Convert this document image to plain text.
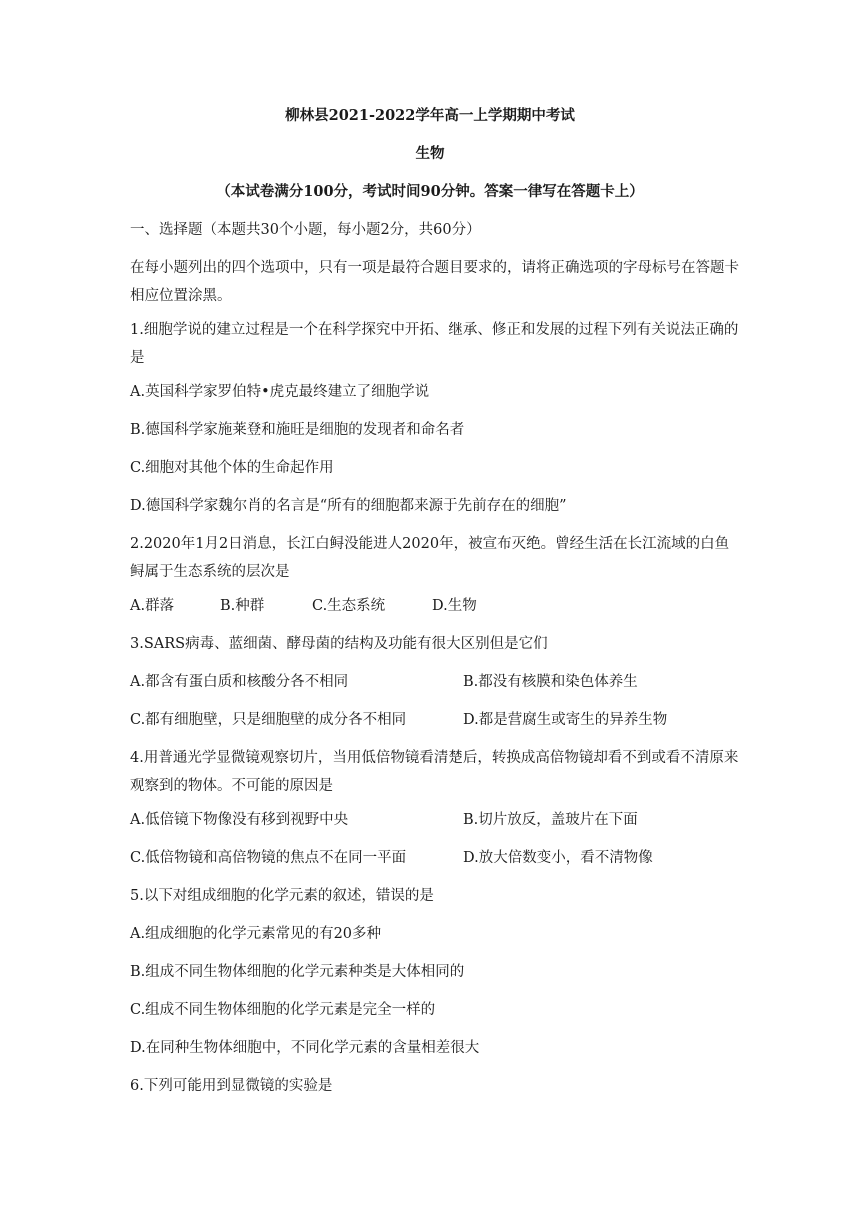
柳林县2021-2022学年高一上学期期中考试
生物
（本试卷满分100分，考试时间90分钟。答案一律写在答题卡上）
一、选择题（本题共30个小题，每小题2分，共60分）
在每小题列出的四个选项中，只有一项是最符合题目要求的，请将正确选项的字母标号在答题卡相应位置涂黑。
1.细胞学说的建立过程是一个在科学探究中开拓、继承、修正和发展的过程下列有关说法正确的是
A.英国科学家罗伯特•虎克最终建立了细胞学说
B.德国科学家施莱登和施旺是细胞的发现者和命名者
C.细胞对其他个体的生命起作用
D.德国科学家魏尔肖的名言是“所有的细胞都来源于先前存在的细胞”
2.2020年1月2日消息，长江白鲟没能进人2020年，被宣布灭绝。曾经生活在长江流域的白鱼鲟属于生态系统的层次是
A.群落	B.种群	C.生态系统	D.生物
3.SARS病毒、蓝细菌、酵母菌的结构及功能有很大区别但是它们
A.都含有蛋白质和核酸分各不相同	B.都没有核膜和染色体养生
C.都有细胞壁，只是细胞壁的成分各不相同	D.都是营腐生或寄生的异养生物
4.用普通光学显微镜观察切片，当用低倍物镜看清楚后，转换成高倍物镜却看不到或看不清原来观察到的物体。不可能的原因是
A.低倍镜下物像没有移到视野中央	B.切片放反，盖玻片在下面
C.低倍物镜和高倍物镜的焦点不在同一平面	D.放大倍数变小，看不清物像
5.以下对组成细胞的化学元素的叙述，错误的是
A.组成细胞的化学元素常见的有20多种
B.组成不同生物体细胞的化学元素种类是大体相同的
C.组成不同生物体细胞的化学元素是完全一样的
D.在同种生物体细胞中，不同化学元素的含量相差很大
6.下列可能用到显微镜的实验是
